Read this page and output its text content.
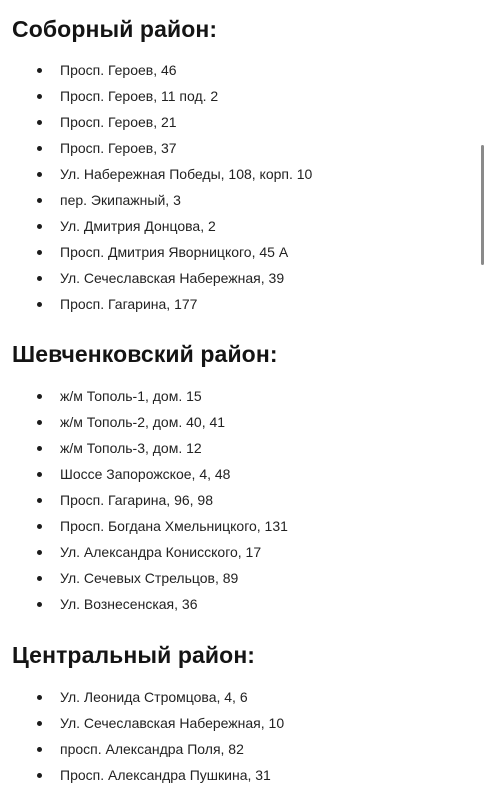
Соборный район:
Просп. Героев, 46
Просп. Героев, 11 под. 2
Просп. Героев, 21
Просп. Героев, 37
Ул. Набережная Победы, 108, корп. 10
пер. Экипажный, 3
Ул. Дмитрия Донцова, 2
Просп. Дмитрия Яворницкого, 45 А
Ул. Сечеславская Набережная, 39
Просп. Гагарина, 177
Шевченковский район:
ж/м Тополь-1, дом. 15
ж/м Тополь-2, дом. 40, 41
ж/м Тополь-3, дом. 12
Шоссе Запорожское, 4, 48
Просп. Гагарина, 96, 98
Просп. Богдана Хмельницкого, 131
Ул. Александра Конисского, 17
Ул. Сечевых Стрельцов, 89
Ул. Вознесенская, 36
Центральный район:
Ул. Леонида Стромцова, 4, 6
Ул. Сечеславская Набережная, 10
просп. Александра Поля, 82
Просп. Александра Пушкина, 31
